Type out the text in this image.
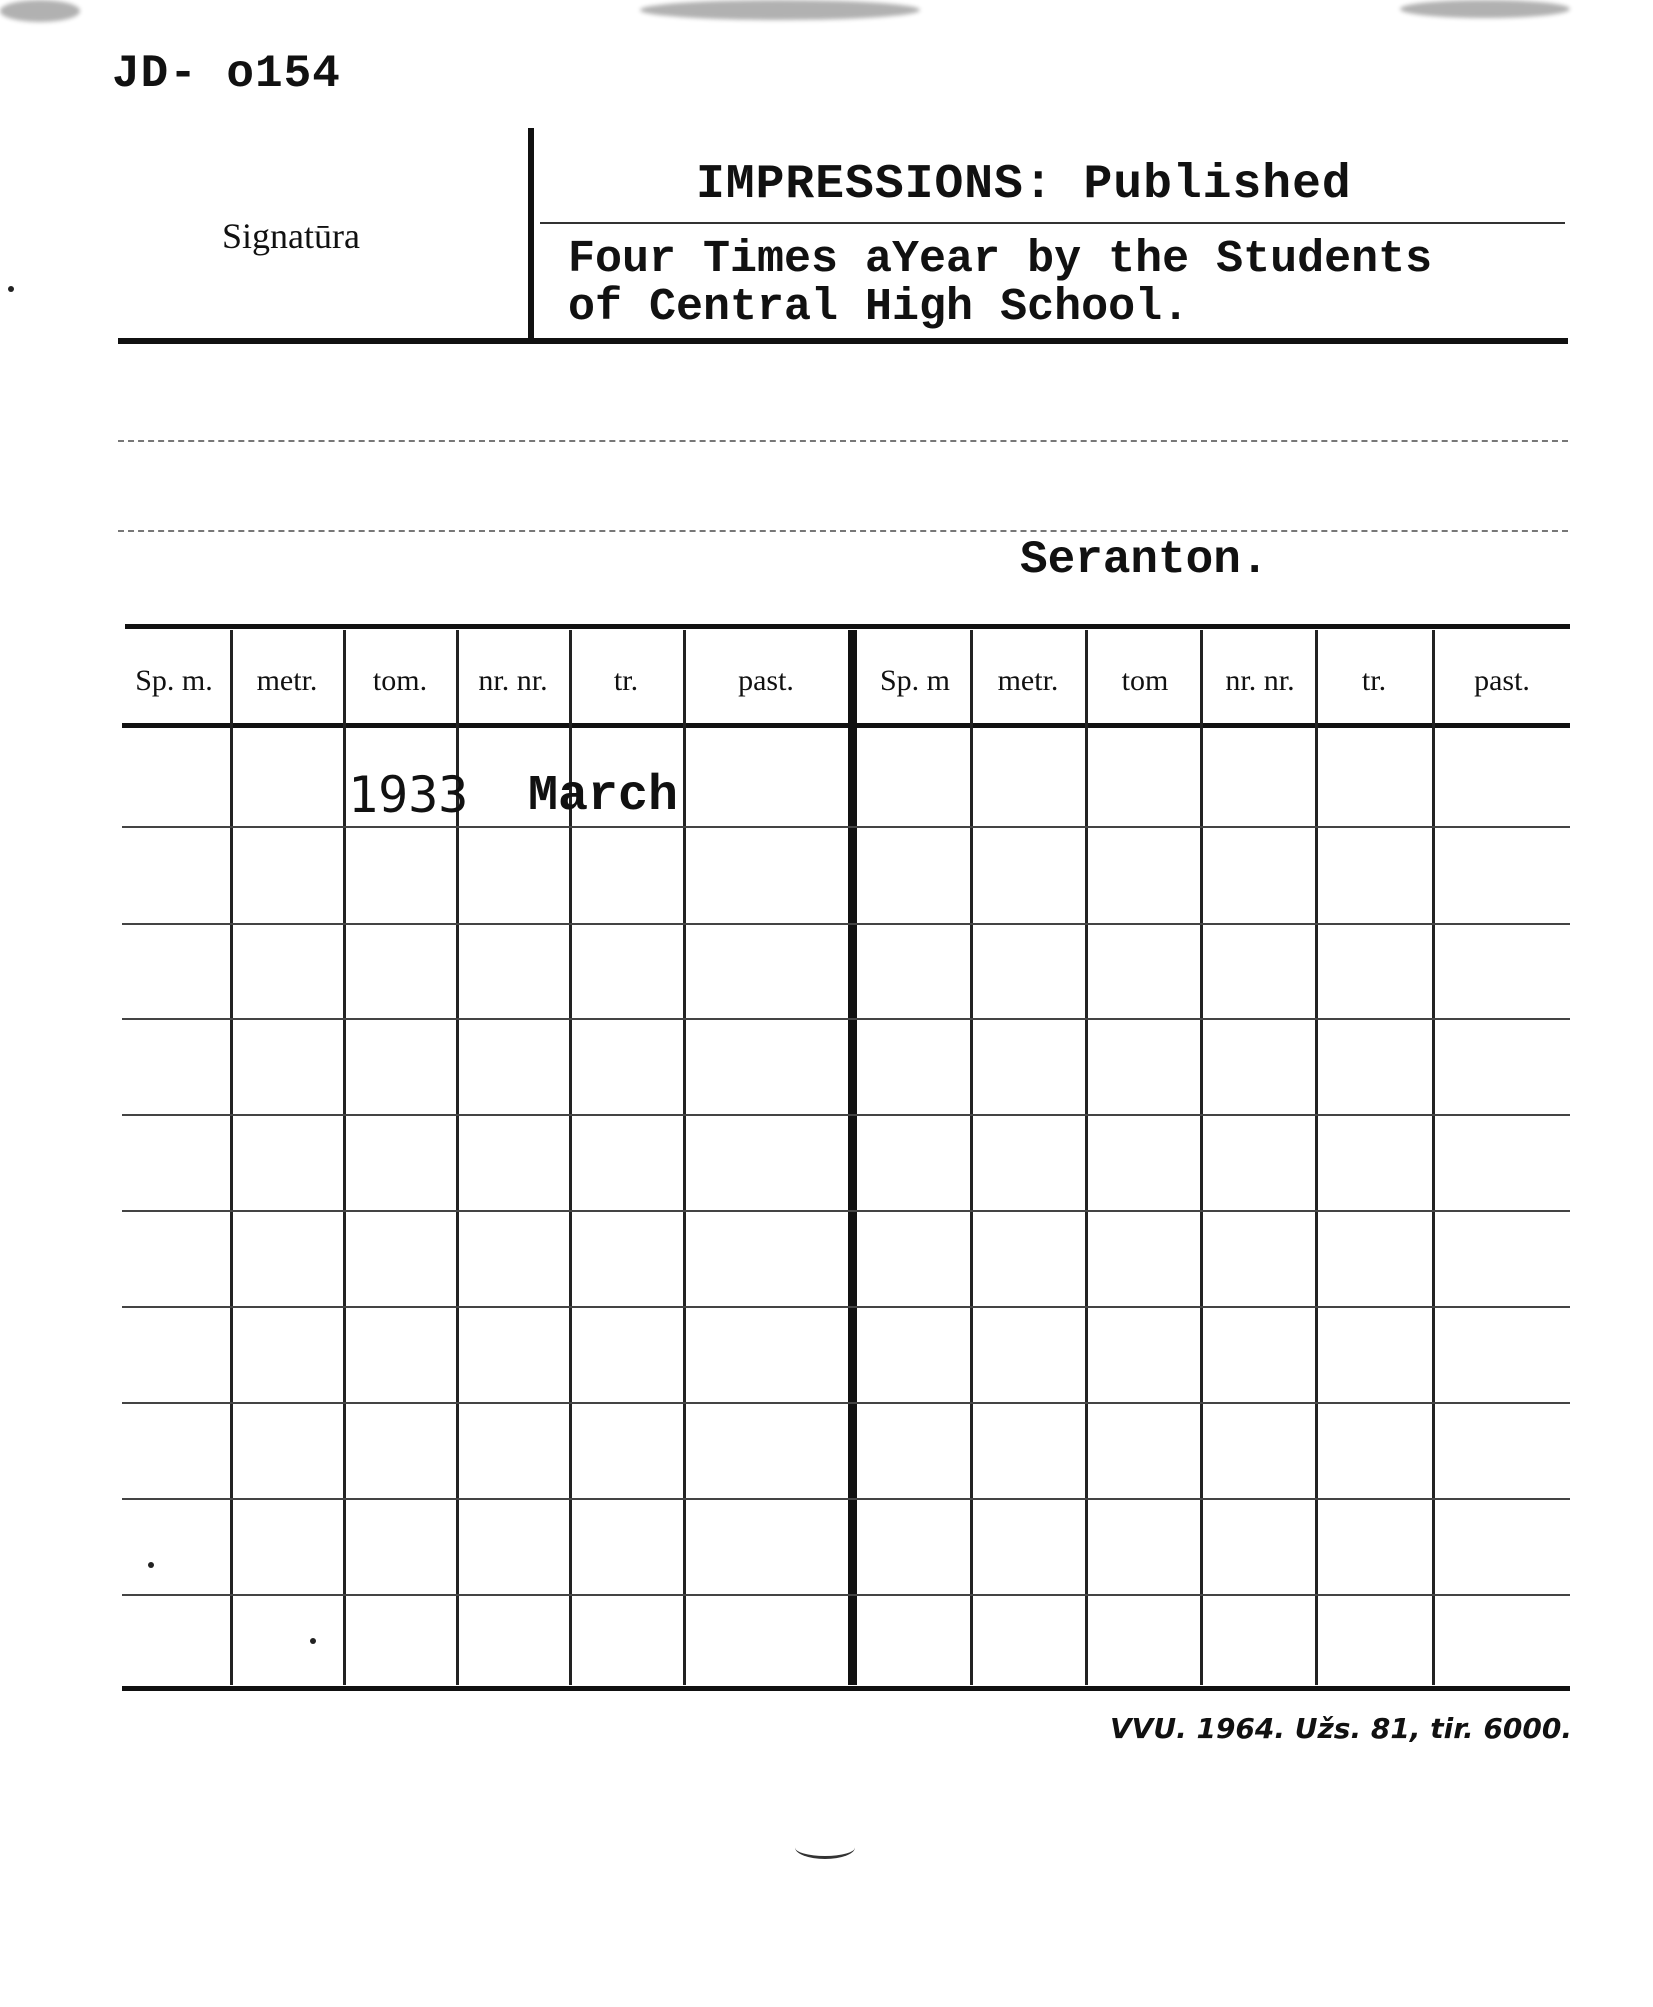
JD- o154
Signatūra
IMPRESSIONS: Published
Four Times aYear by the Students
of Central High School.
Seranton.
Sp. m.	metr.	tom.	nr. nr.	tr.	past.	Sp. m	metr.	tom	nr. nr.	tr.	past.
1933 March
VVU. 1964. Užs. 81, tir. 6000.
